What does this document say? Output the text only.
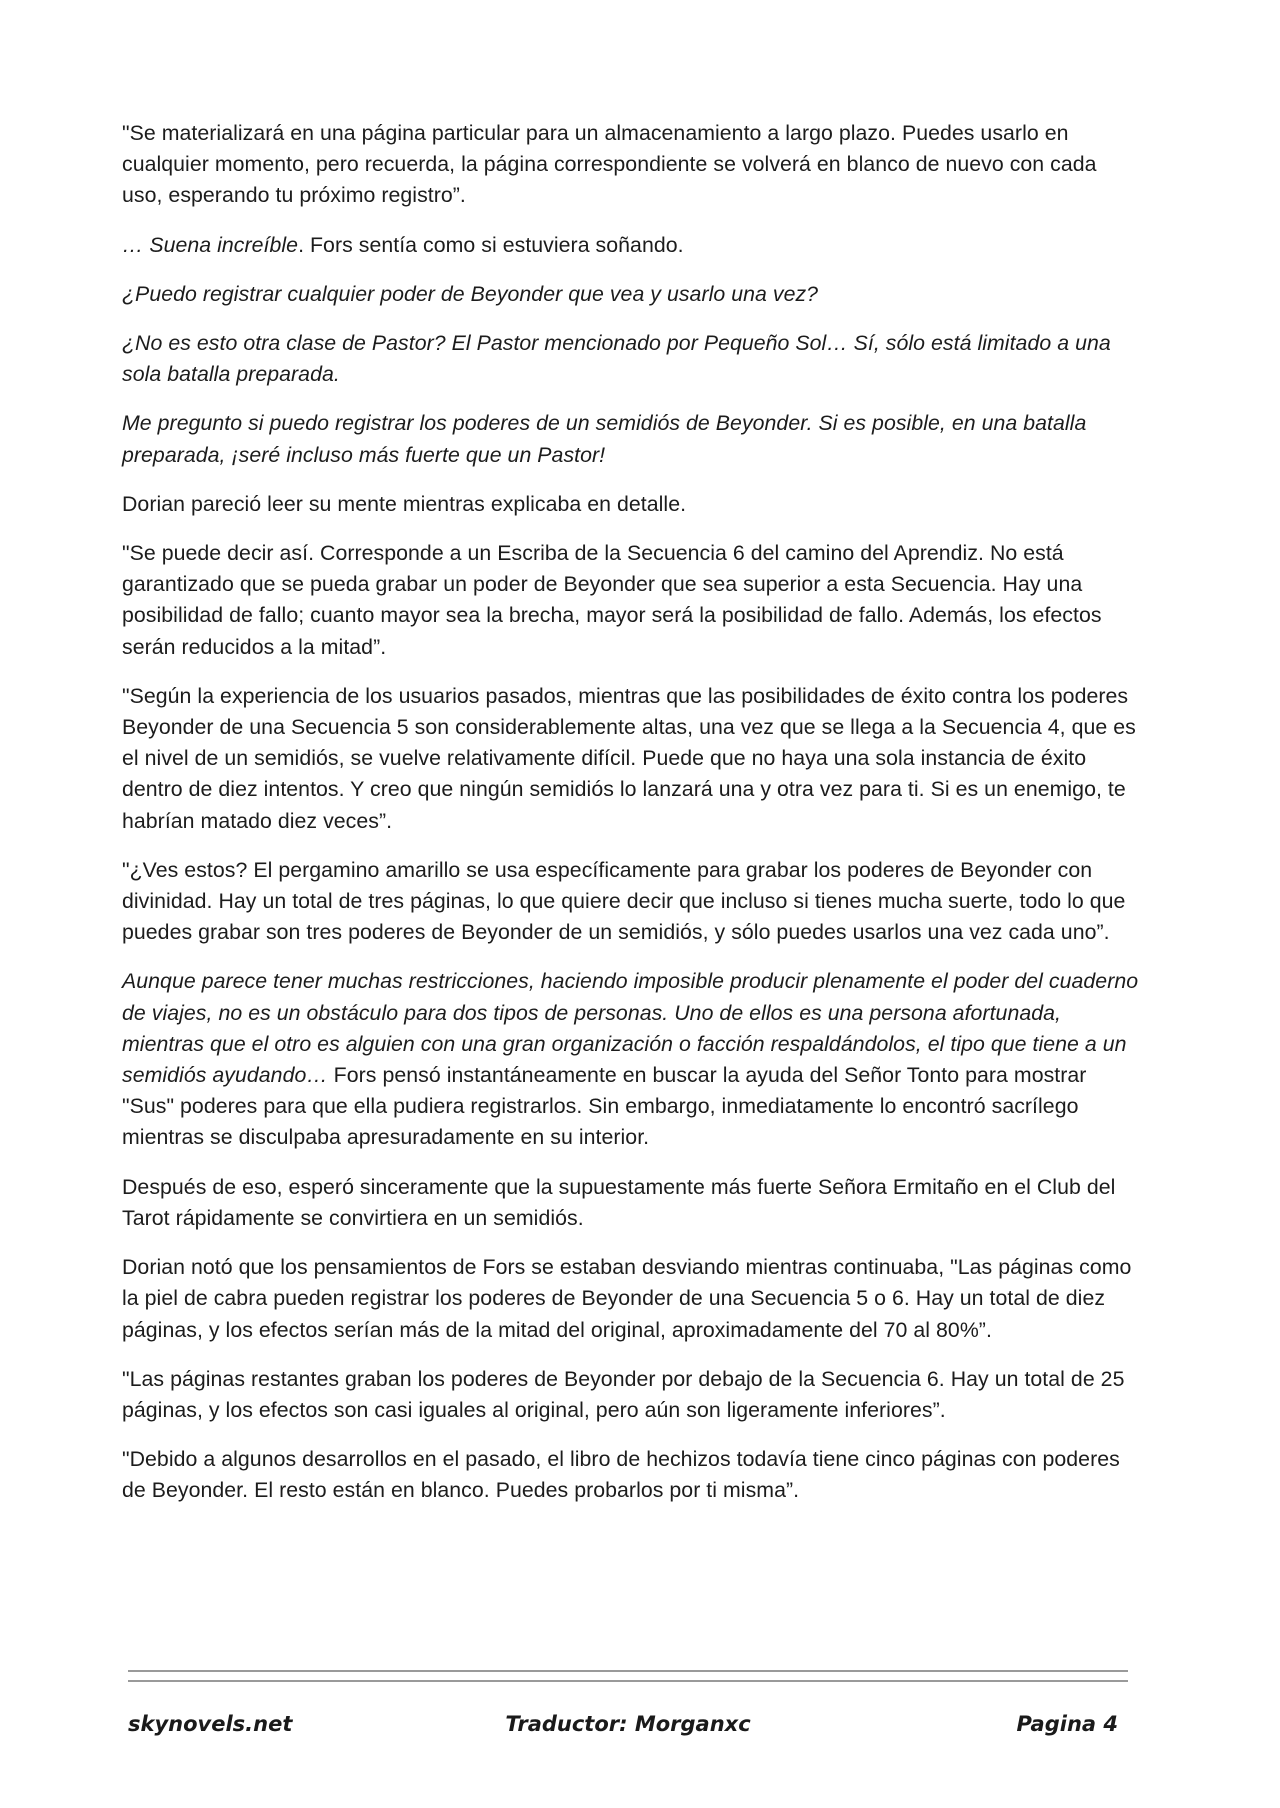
"Se materializará en una página particular para un almacenamiento a largo plazo. Puedes usarlo en cualquier momento, pero recuerda, la página correspondiente se volverá en blanco de nuevo con cada uso, esperando tu próximo registro”.

… Suena increíble. Fors sentía como si estuviera soñando.

¿Puedo registrar cualquier poder de Beyonder que vea y usarlo una vez?

¿No es esto otra clase de Pastor? El Pastor mencionado por Pequeño Sol… Sí, sólo está limitado a una sola batalla preparada.

Me pregunto si puedo registrar los poderes de un semidiós de Beyonder. Si es posible, en una batalla preparada, ¡seré incluso más fuerte que un Pastor!

Dorian pareció leer su mente mientras explicaba en detalle.

"Se puede decir así. Corresponde a un Escriba de la Secuencia 6 del camino del Aprendiz. No está garantizado que se pueda grabar un poder de Beyonder que sea superior a esta Secuencia. Hay una posibilidad de fallo; cuanto mayor sea la brecha, mayor será la posibilidad de fallo. Además, los efectos serán reducidos a la mitad”.

"Según la experiencia de los usuarios pasados, mientras que las posibilidades de éxito contra los poderes Beyonder de una Secuencia 5 son considerablemente altas, una vez que se llega a la Secuencia 4, que es el nivel de un semidiós, se vuelve relativamente difícil. Puede que no haya una sola instancia de éxito dentro de diez intentos. Y creo que ningún semidiós lo lanzará una y otra vez para ti. Si es un enemigo, te habrían matado diez veces”.

"¿Ves estos? El pergamino amarillo se usa específicamente para grabar los poderes de Beyonder con divinidad. Hay un total de tres páginas, lo que quiere decir que incluso si tienes mucha suerte, todo lo que puedes grabar son tres poderes de Beyonder de un semidiós, y sólo puedes usarlos una vez cada uno”.

Aunque parece tener muchas restricciones, haciendo imposible producir plenamente el poder del cuaderno de viajes, no es un obstáculo para dos tipos de personas. Uno de ellos es una persona afortunada, mientras que el otro es alguien con una gran organización o facción respaldándolos, el tipo que tiene a un semidiós ayudando… Fors pensó instantáneamente en buscar la ayuda del Señor Tonto para mostrar "Sus" poderes para que ella pudiera registrarlos. Sin embargo, inmediatamente lo encontró sacrílego mientras se disculpaba apresuradamente en su interior.

Después de eso, esperó sinceramente que la supuestamente más fuerte Señora Ermitaño en el Club del Tarot rápidamente se convirtiera en un semidiós.

Dorian notó que los pensamientos de Fors se estaban desviando mientras continuaba, "Las páginas como la piel de cabra pueden registrar los poderes de Beyonder de una Secuencia 5 o 6. Hay un total de diez páginas, y los efectos serían más de la mitad del original, aproximadamente del 70 al 80%”.

"Las páginas restantes graban los poderes de Beyonder por debajo de la Secuencia 6. Hay un total de 25 páginas, y los efectos son casi iguales al original, pero aún son ligeramente inferiores”.

"Debido a algunos desarrollos en el pasado, el libro de hechizos todavía tiene cinco páginas con poderes de Beyonder. El resto están en blanco. Puedes probarlos por ti misma”.

skynovels.net	Traductor: Morganxc	Pagina 4
